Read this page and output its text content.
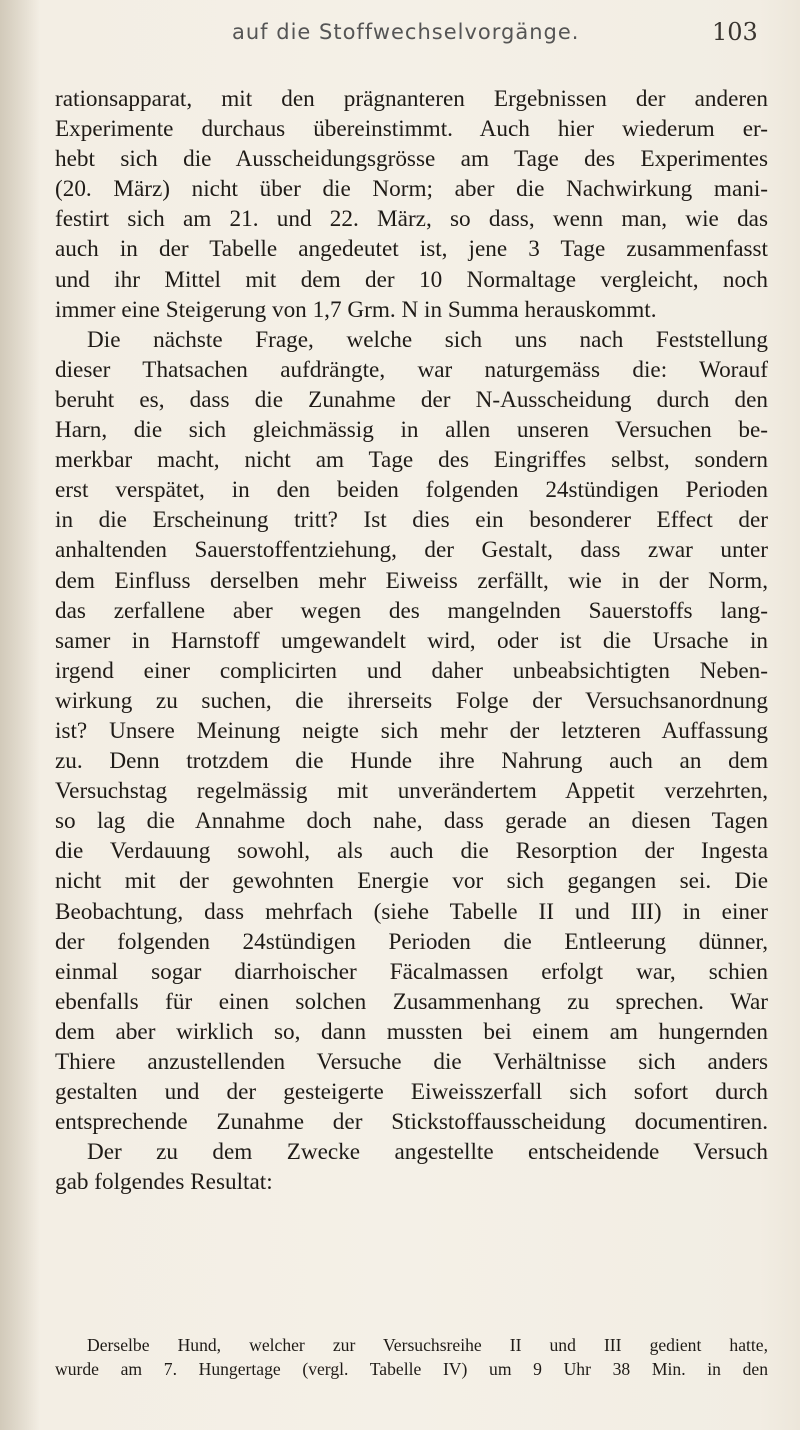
auf die Stoffwechselvorgänge.	103
rationsapparat, mit den prägnanteren Ergebnissen der anderen
Experimente durchaus übereinstimmt. Auch hier wiederum er-
hebt sich die Ausscheidungsgrösse am Tage des Experimentes
(20. März) nicht über die Norm; aber die Nachwirkung mani-
festirt sich am 21. und 22. März, so dass, wenn man, wie das
auch in der Tabelle angedeutet ist, jene 3 Tage zusammenfasst
und ihr Mittel mit dem der 10 Normaltage vergleicht, noch
immer eine Steigerung von 1,7 Grm. N in Summa herauskommt.
Die nächste Frage, welche sich uns nach Feststellung
dieser Thatsachen aufdrängte, war naturgemäss die: Worauf
beruht es, dass die Zunahme der N-Ausscheidung durch den
Harn, die sich gleichmässig in allen unseren Versuchen be-
merkbar macht, nicht am Tage des Eingriffes selbst, sondern
erst verspätet, in den beiden folgenden 24stündigen Perioden
in die Erscheinung tritt? Ist dies ein besonderer Effect der
anhaltenden Sauerstoffentziehung, der Gestalt, dass zwar unter
dem Einfluss derselben mehr Eiweiss zerfällt, wie in der Norm,
das zerfallene aber wegen des mangelnden Sauerstoffs lang-
samer in Harnstoff umgewandelt wird, oder ist die Ursache in
irgend einer complicirten und daher unbeabsichtigten Neben-
wirkung zu suchen, die ihrerseits Folge der Versuchsanordnung
ist? Unsere Meinung neigte sich mehr der letzteren Auffassung
zu. Denn trotzdem die Hunde ihre Nahrung auch an dem
Versuchstag regelmässig mit unverändertem Appetit verzehrten,
so lag die Annahme doch nahe, dass gerade an diesen Tagen
die Verdauung sowohl, als auch die Resorption der Ingesta
nicht mit der gewohnten Energie vor sich gegangen sei. Die
Beobachtung, dass mehrfach (siehe Tabelle II und III) in einer
der folgenden 24stündigen Perioden die Entleerung dünner,
einmal sogar diarrhoischer Fäcalmassen erfolgt war, schien
ebenfalls für einen solchen Zusammenhang zu sprechen. War
dem aber wirklich so, dann mussten bei einem am hungernden
Thiere anzustellenden Versuche die Verhältnisse sich anders
gestalten und der gesteigerte Eiweisszerfall sich sofort durch
entsprechende Zunahme der Stickstoffausscheidung documentiren.
Der zu dem Zwecke angestellte entscheidende Versuch
gab folgendes Resultat:
Derselbe Hund, welcher zur Versuchsreihe II und III gedient hatte,
wurde am 7. Hungertage (vergl. Tabelle IV) um 9 Uhr 38 Min. in den
